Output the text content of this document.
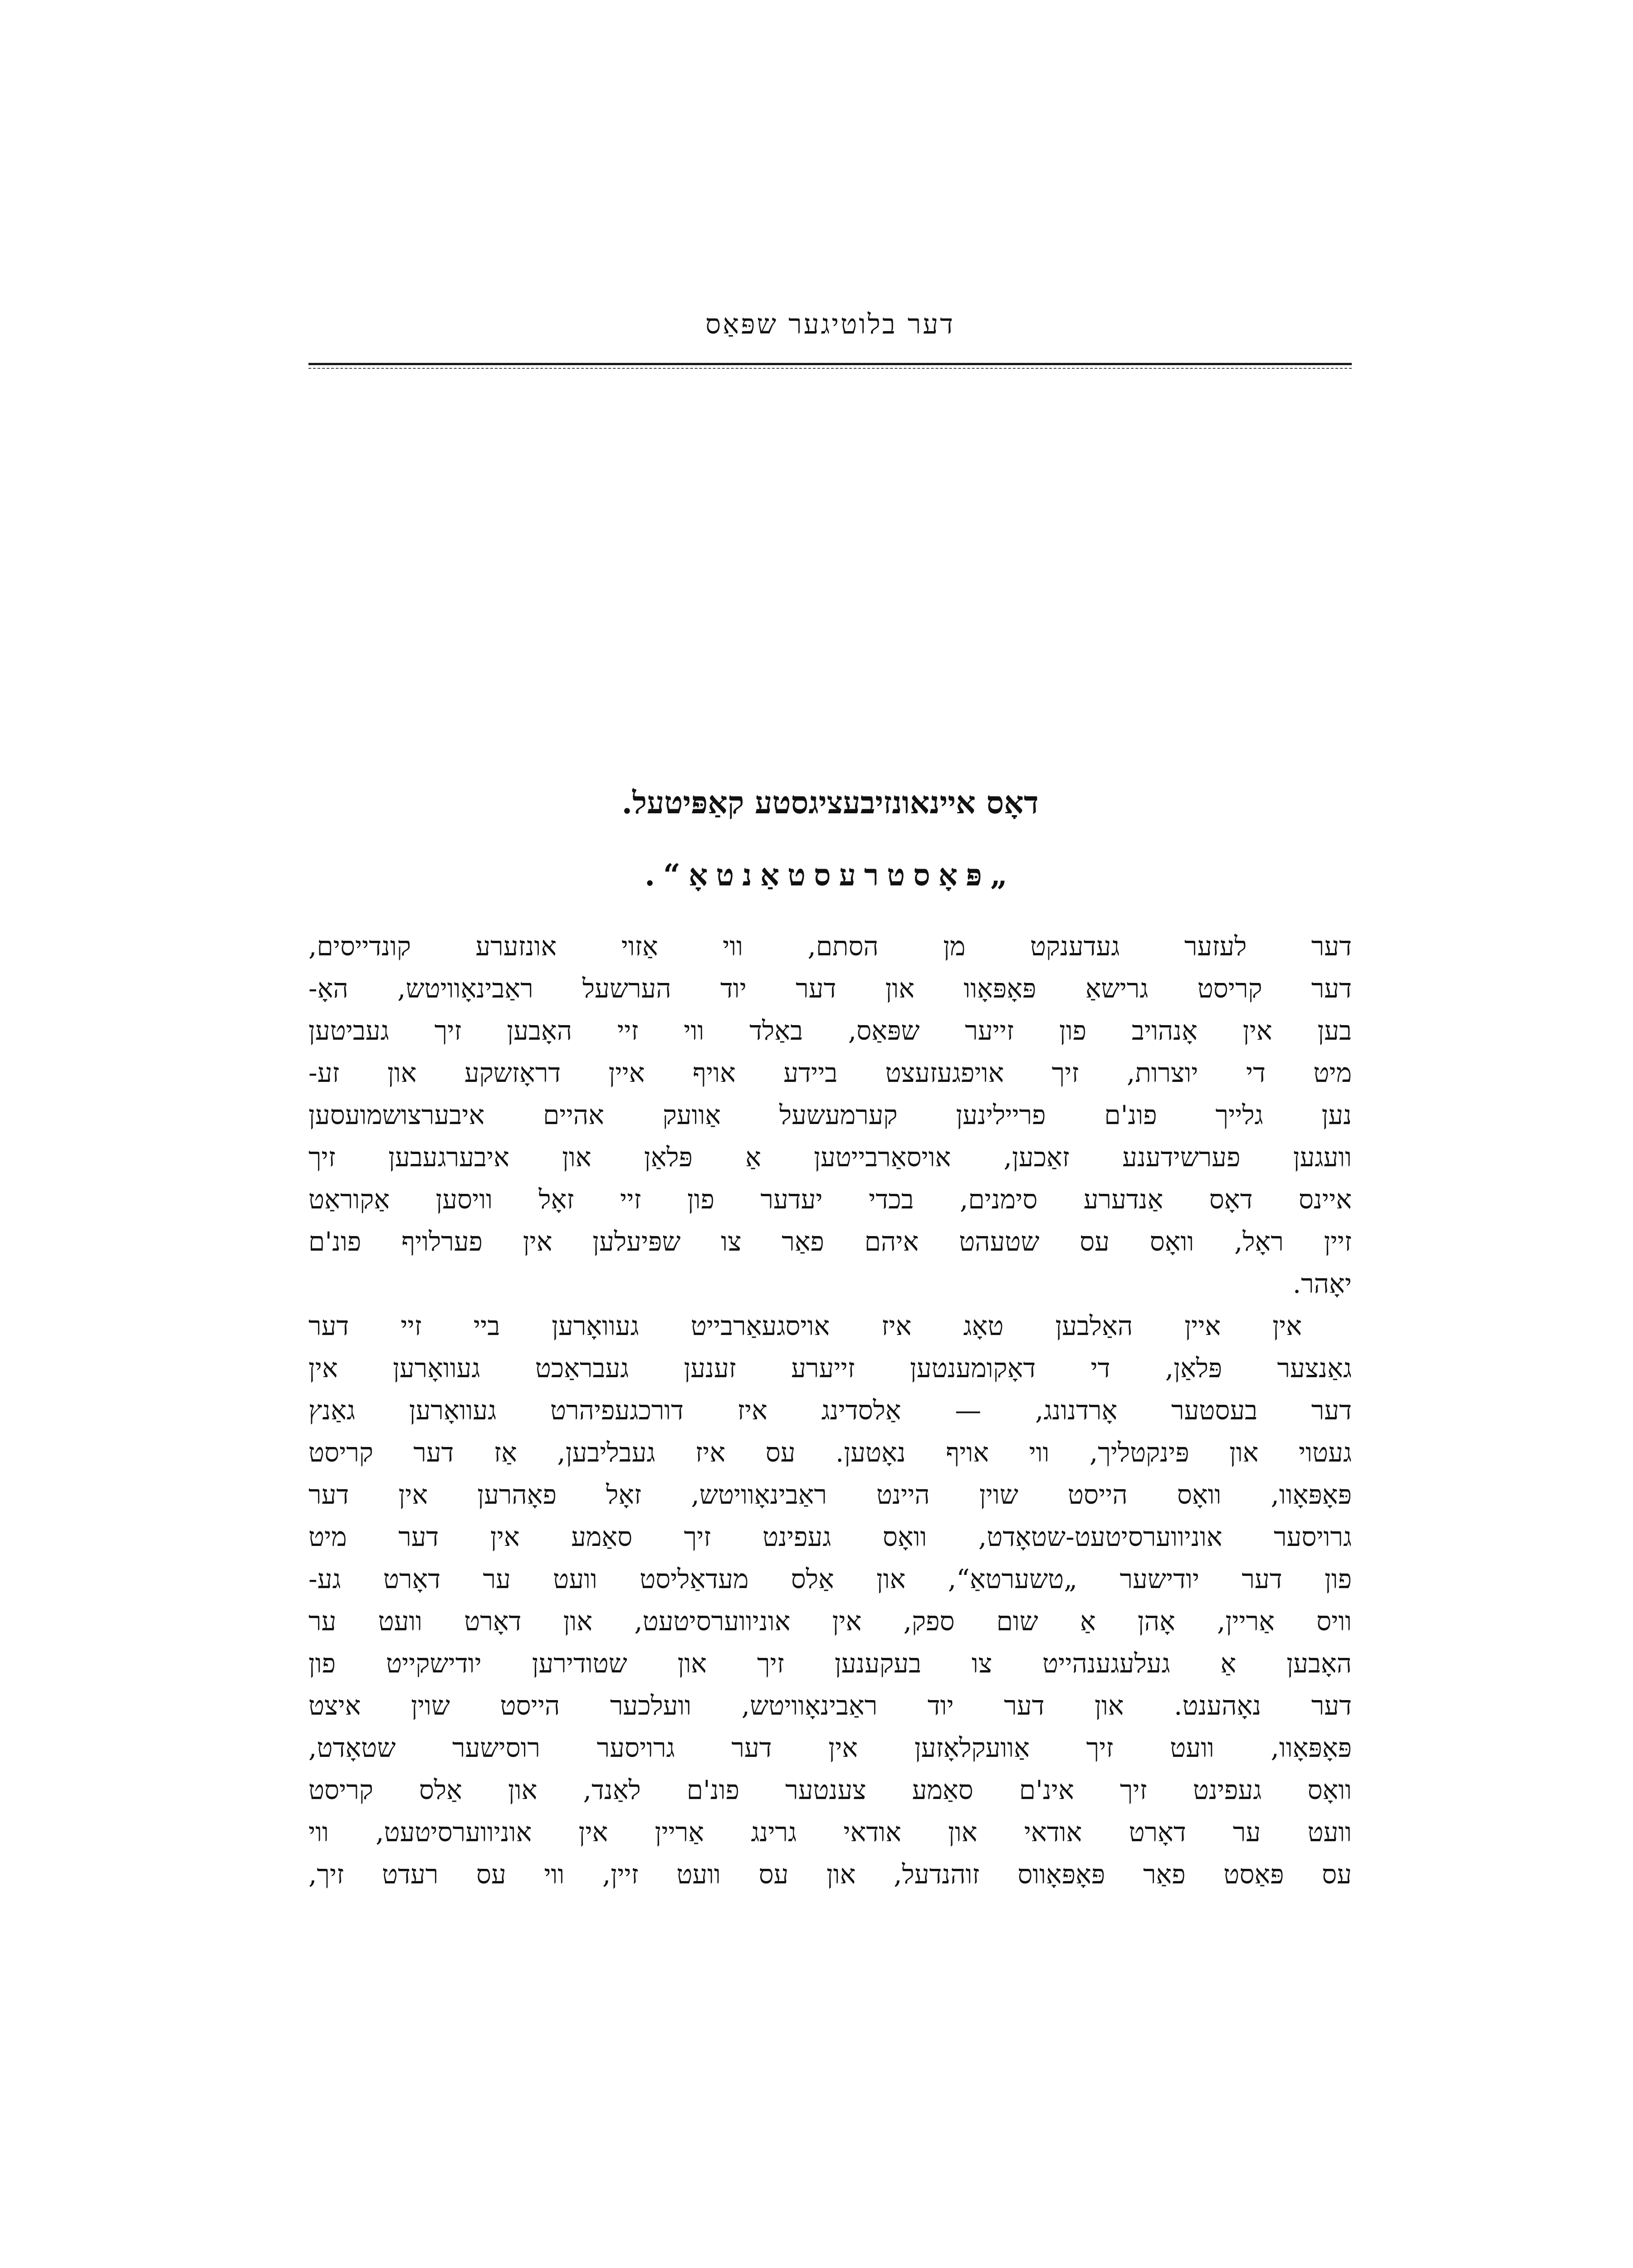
דער בלוטיגער שפּאַס
דאָס איינאונזיבעציגסטע קאַפּיטעל.
„פּאָסטרעסטאַנטאָ“.
דער לעזער געדענקט מן הסתם, ווי אַזוי אונזערע קונדייסים,
דער קריסט גרישאַ פּאָפּאָוו און דער יוד הערשעל ראַבינאָוויטש, האָ-
בען אין אָנהויב פון זייער שפּאַס, באַלד ווי זיי האָבען זיך געביטען
מיט די יוצרות, זיך אויפגעזעצט ביידע אויף איין דראָזשקע און זע-
נען גלייך פונ'ם פריילינען קערמעשעל אַוועק אהיים איבערצושמועסען
וועגען פערשידענע זאַכען, אויסאַרבייטען אַ פּלאַן און איבערגעבען זיך
איינס דאָס אַנדערע סימנים, בכדי יעדער פון זיי זאָל וויסען אַקוראַט
זיין ראָל, וואָס עס שטעהט איהם פאַר צו שפּיעלען אין פערלויף פונ'ם
יאָהר.
אין איין האַלבען טאָג איז אויסגעאַרבייט געוואָרען ביי זיי דער
גאַנצער פּלאַן, די דאָקומענטען זייערע זענען געבראַכט געוואָרען אין
דער בעסטער אָרדנונג, — אַלסדינג איז דורכגעפיהרט געוואָרען גאַנץ
געטוי און פּינקטליך, ווי אויף נאָטען. עס איז געבליבען, אַז דער קריסט
פּאָפּאָוו, וואָס הייסט שוין היינט ראַבינאָוויטש, זאָל פאָהרען אין דער
גרויסער אוניווערסיטעט-שטאָדט, וואָס געפינט זיך סאַמע אין דער מיט
פון דער יודישער „טשערטאַ“, און אַלס מעדאַליסט וועט ער דאָרט גע-
וויס אַריין, אָהן אַ שום ספק, אין אוניווערסיטעט, און דאָרט וועט ער
האָבען אַ געלעגענהייט צו בעקענען זיך און שטודירען יודישקייט פון
דער נאָהענט. און דער יוד ראַבינאָוויטש, וועלכער הייסט שוין איצט
פּאָפּאָוו, וועט זיך אַוועקלאָזען אין דער גרויסער רוסישער שטאָדט,
וואָס געפינט זיך אינ'ם סאַמע צענטער פונ'ם לאַנד, און אַלס קריסט
וועט ער דאָרט אודאי און אודאי גרינג אַריין אין אוניווערסיטעט, ווי
עס פּאַסט פאַר פּאָפּאָווס זוהנדעל, און עס וועט זיין, ווי עס רעדט זיך,
